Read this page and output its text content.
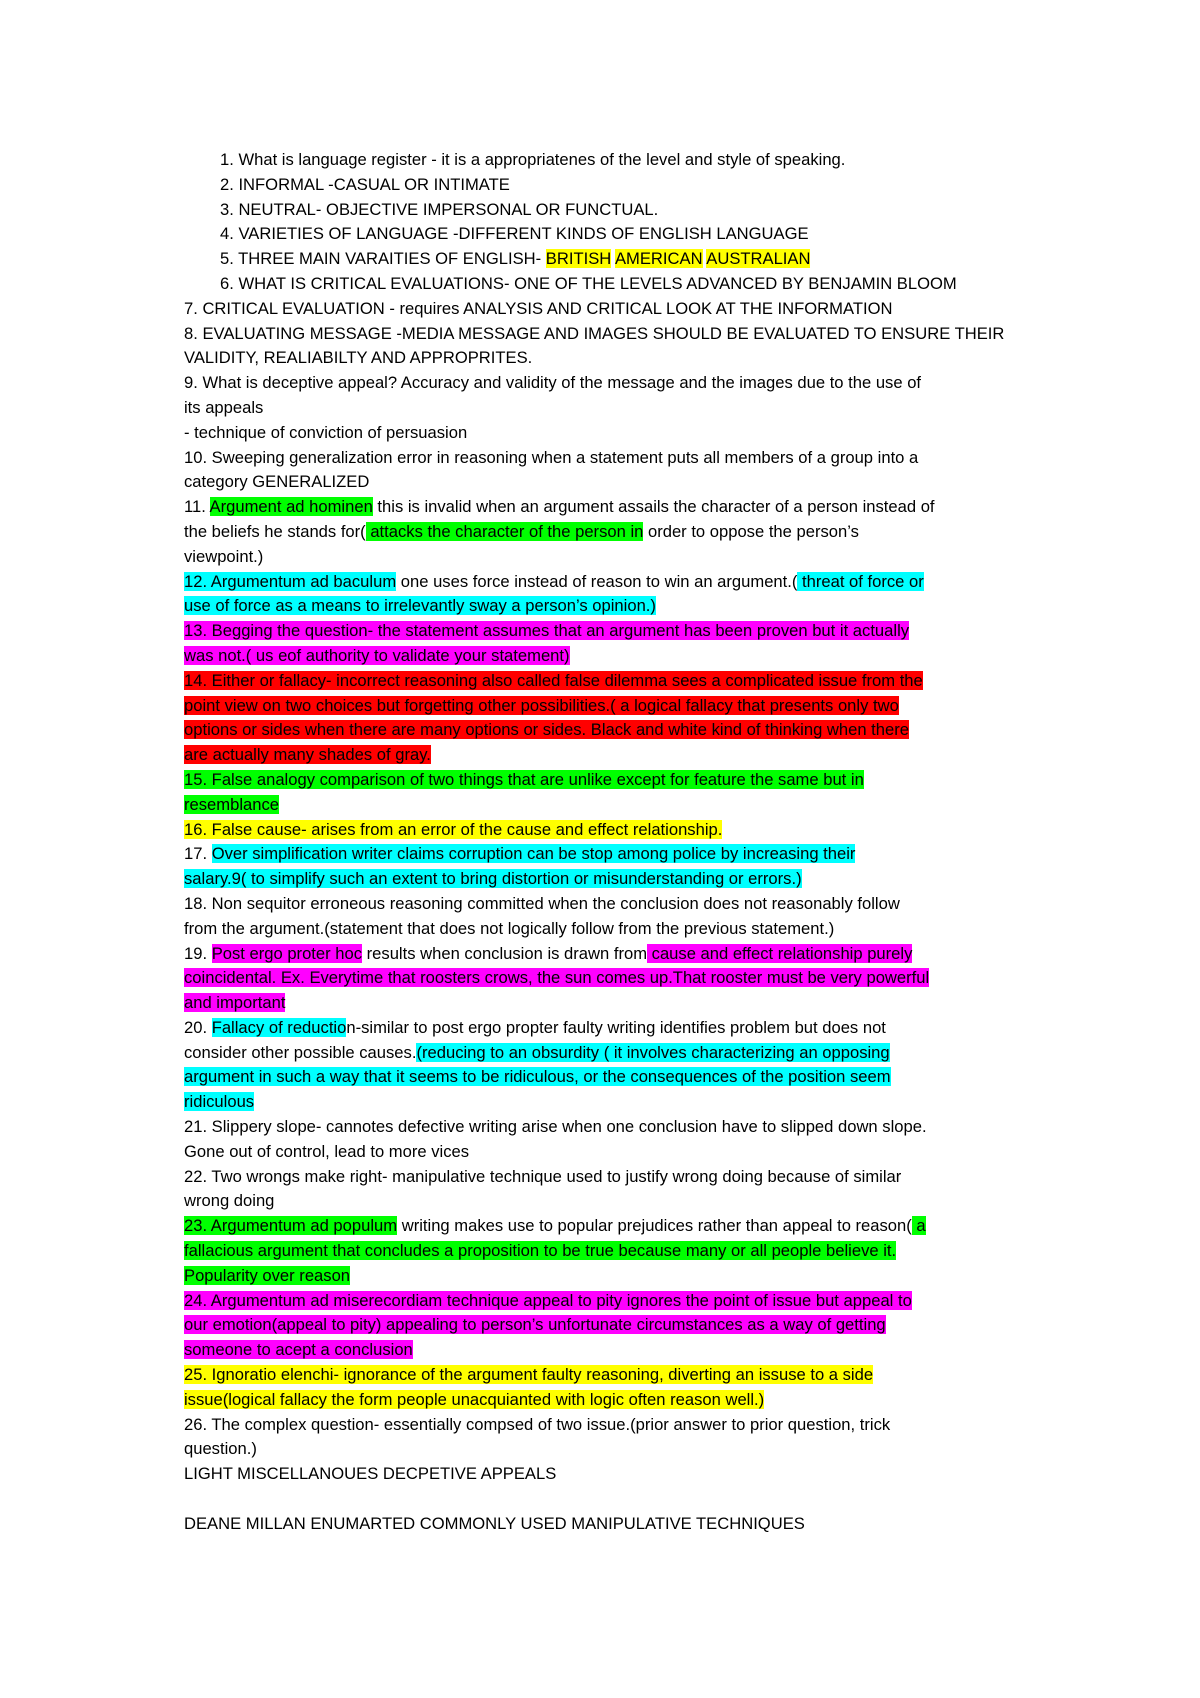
1. What is language register - it is a appropriatenes of the level and style of speaking.
2. INFORMAL -CASUAL OR INTIMATE
3. NEUTRAL- OBJECTIVE IMPERSONAL OR FUNCTUAL.
4. VARIETIES OF LANGUAGE -DIFFERENT KINDS OF ENGLISH LANGUAGE
5. THREE MAIN VARAITIES OF ENGLISH- BRITISH AMERICAN AUSTRALIAN
6. WHAT IS CRITICAL EVALUATIONS- ONE OF THE LEVELS ADVANCED BY BENJAMIN BLOOM
7. CRITICAL EVALUATION - requires ANALYSIS AND CRITICAL LOOK AT THE INFORMATION
8. EVALUATING MESSAGE -MEDIA MESSAGE AND IMAGES SHOULD BE EVALUATED TO ENSURE THEIR
VALIDITY, REALIABILTY AND APPROPRITES.
9. What is deceptive appeal? Accuracy and validity of the message and the images due to the use of
its appeals
- technique of conviction of persuasion
10. Sweeping generalization error in reasoning when a statement puts all members of a group into a
category GENERALIZED
11. Argument ad hominen this is invalid when an argument assails the character of a person instead of
the beliefs he stands for( attacks the character of the person in order to oppose the person’s
viewpoint.)
12. Argumentum ad baculum one uses force instead of reason to win an argument.( threat of force or
use of force as a means to irrelevantly sway a person’s opinion.)
13. Begging the question- the statement assumes that an argument has been proven but it actually
was not.( us eof authority to validate your statement)
14. Either or fallacy- incorrect reasoning also called false dilemma sees a complicated issue from the
point view on two choices but forgetting other possibilities.( a logical fallacy that presents only two
options or sides when there are many options or sides. Black and white kind of thinking when there
are actually many shades of gray.
15. False analogy comparison of two things that are unlike except for feature the same but in
resemblance
16. False cause- arises from an error of the cause and effect relationship.
17. Over simplification writer claims corruption can be stop among police by increasing their
salary.9( to simplify such an extent to bring distortion or misunderstanding or errors.)
18. Non sequitor erroneous reasoning committed when the conclusion does not reasonably follow
from the argument.(statement that does not logically follow from the previous statement.)
19. Post ergo proter hoc results when conclusion is drawn from cause and effect relationship purely
coincidental. Ex. Everytime that roosters crows, the sun comes up.That rooster must be very powerful
and important
20. Fallacy of reduction-similar to post ergo propter faulty writing identifies problem but does not
consider other possible causes.(reducing to an obsurdity ( it involves characterizing an opposing
argument in such a way that it seems to be ridiculous, or the consequences of the position seem
ridiculous
21. Slippery slope- cannotes defective writing arise when one conclusion have to slipped down slope.
Gone out of control, lead to more vices
22. Two wrongs make right- manipulative technique used to justify wrong doing because of similar
wrong doing
23. Argumentum ad populum writing makes use to popular prejudices rather than appeal to reason( a
fallacious argument that concludes a proposition to be true because many or all people believe it.
Popularity over reason
24. Argumentum ad miserecordiam technique appeal to pity ignores the point of issue but appeal to
our emotion(appeal to pity) appealing to person’s unfortunate circumstances as a way of getting
someone to acept a conclusion
25. Ignoratio elenchi- ignorance of the argument faulty reasoning, diverting an issuse to a side
issue(logical fallacy the form people unacquianted with logic often reason well.)
26. The complex question- essentially compsed of two issue.(prior answer to prior question, trick
question.)
LIGHT MISCELLANOUES DECPETIVE APPEALS
DEANE MILLAN ENUMARTED COMMONLY USED MANIPULATIVE TECHNIQUES
